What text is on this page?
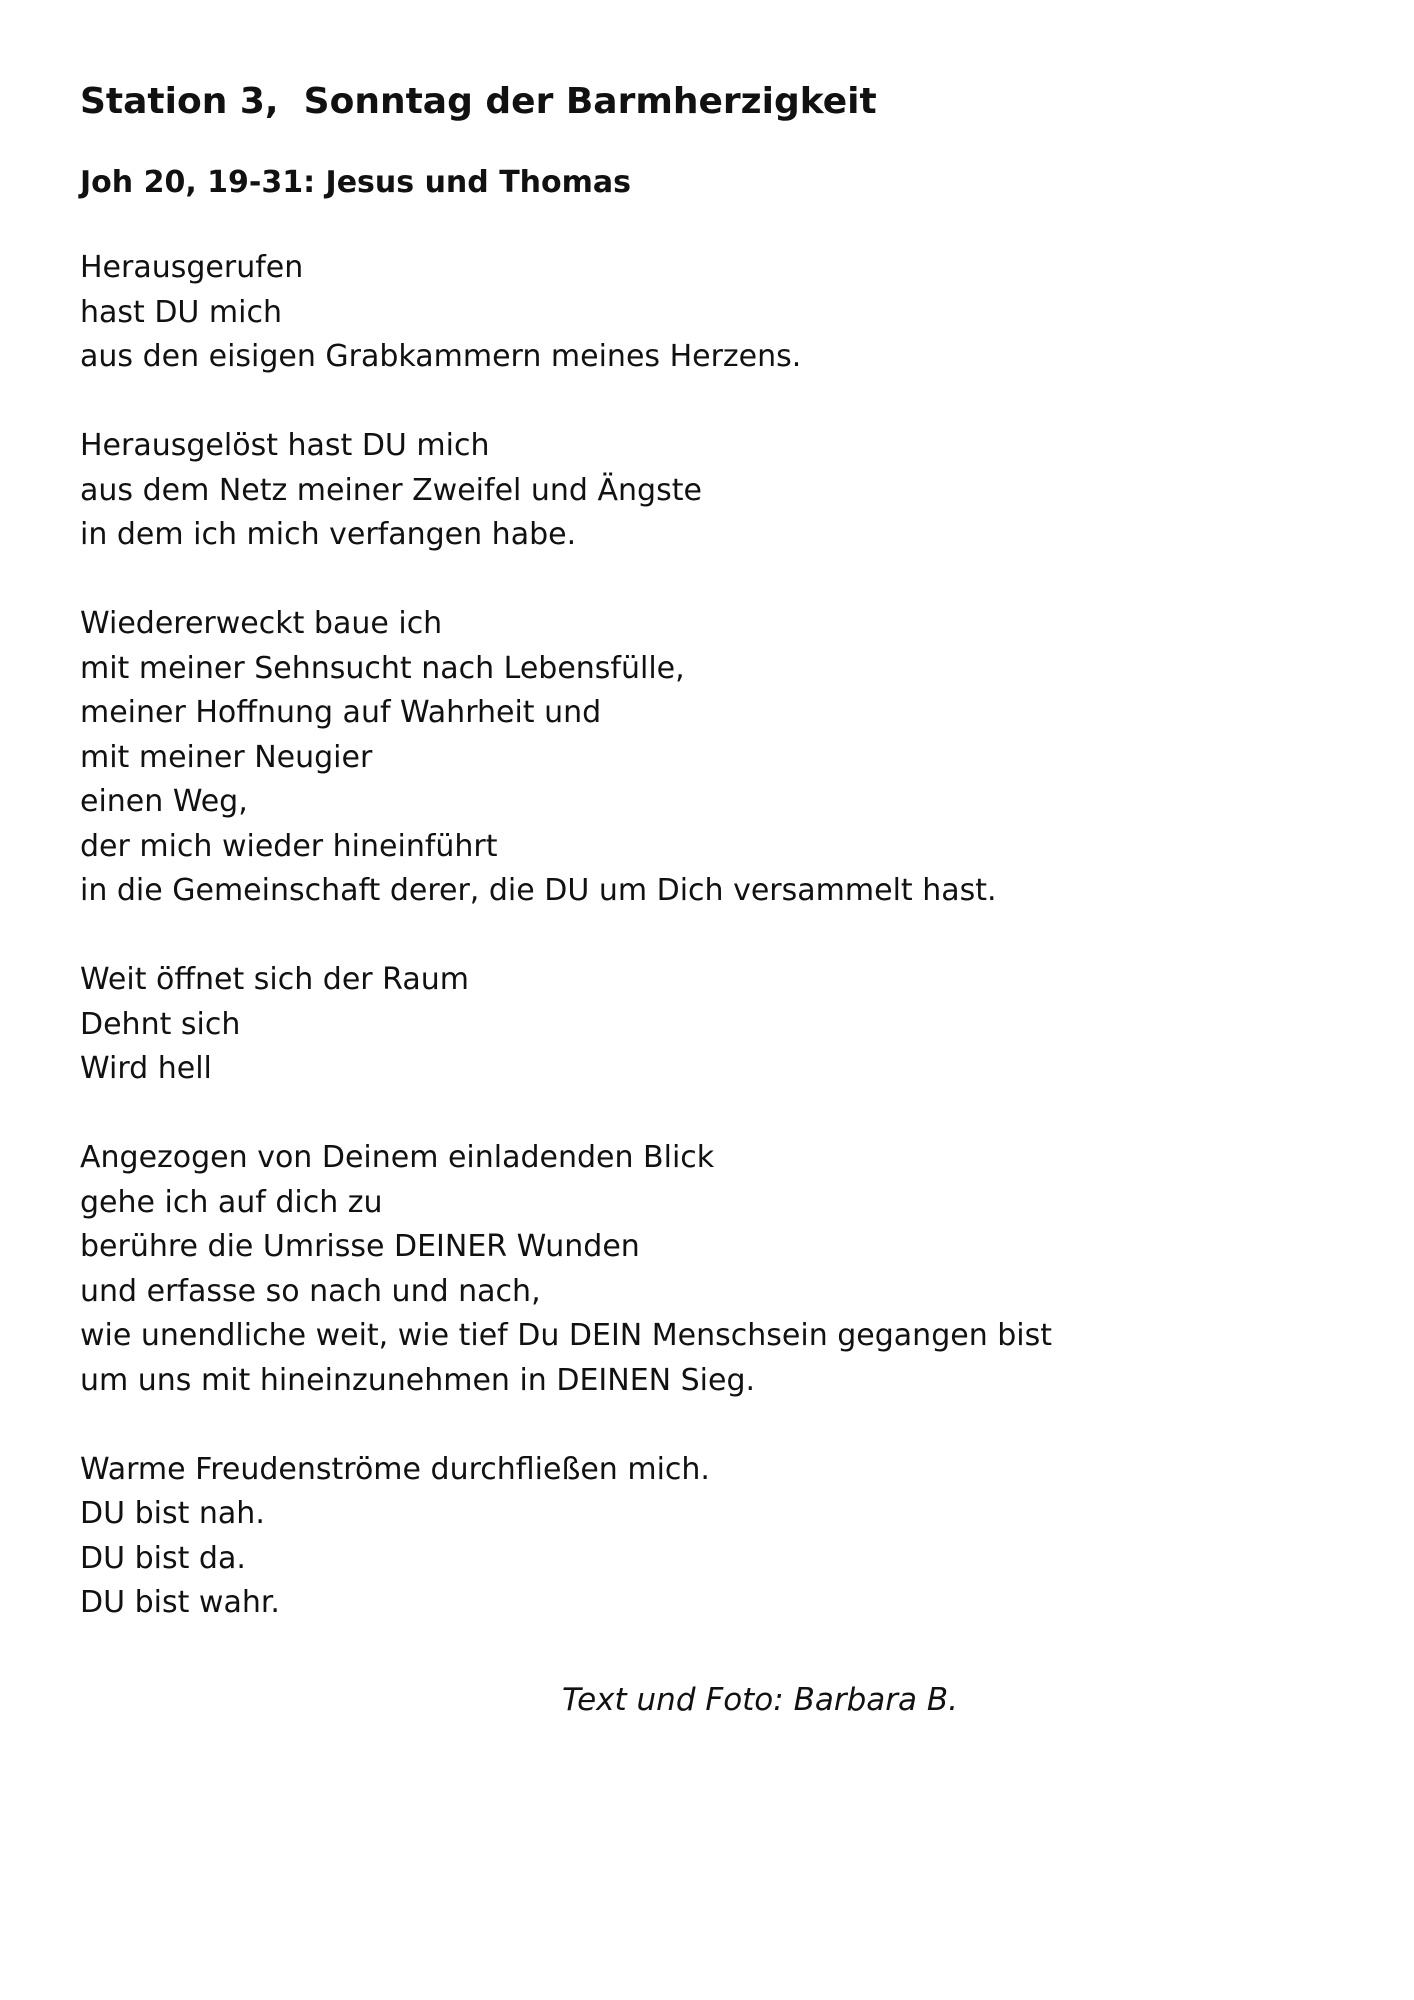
Station 3,  Sonntag der Barmherzigkeit
Joh 20, 19-31: Jesus und Thomas
Herausgerufen
hast DU mich
aus den eisigen Grabkammern meines Herzens.
Herausgelöst hast DU mich
aus dem Netz meiner Zweifel und Ängste
in dem ich mich verfangen habe.
Wiedererweckt baue ich
mit meiner Sehnsucht nach Lebensfülle,
meiner Hoffnung auf Wahrheit und
mit meiner Neugier
einen Weg,
der mich wieder hineinführt
in die Gemeinschaft derer, die DU um Dich versammelt hast.
Weit öffnet sich der Raum
Dehnt sich
Wird hell
Angezogen von Deinem einladenden Blick
gehe ich auf dich zu
berühre die Umrisse DEINER Wunden
und erfasse so nach und nach,
wie unendliche weit, wie tief Du DEIN Menschsein gegangen bist
um uns mit hineinzunehmen in DEINEN Sieg.
Warme Freudenströme durchfließen mich.
DU bist nah.
DU bist da.
DU bist wahr.
Text und Foto: Barbara B.
